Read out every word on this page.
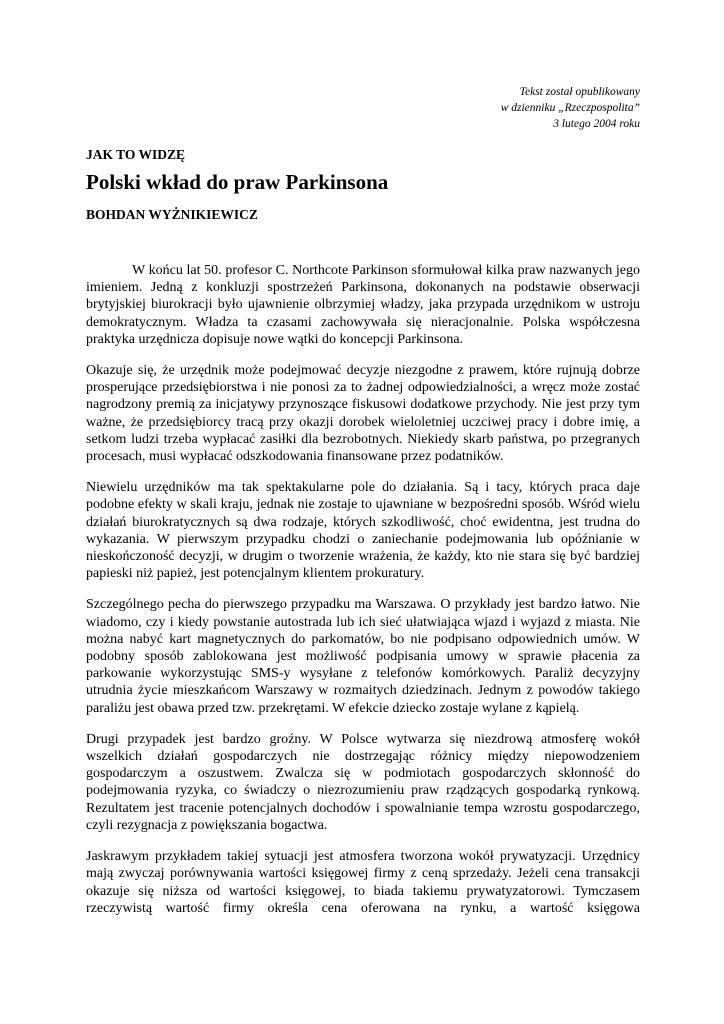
Tekst został opublikowany
w dzienniku „Rzeczpospolita”
3 lutego 2004 roku
JAK TO WIDZĘ
Polski wkład do praw Parkinsona
BOHDAN WYŻNIKIEWICZ

W końcu lat 50. profesor C. Northcote Parkinson sformułował kilka praw nazwanych jego imieniem. Jedną z konkluzji spostrzeżeń Parkinsona, dokonanych na podstawie obserwacji brytyjskiej biurokracji było ujawnienie olbrzymiej władzy, jaka przypada urzędnikom w ustroju demokratycznym. Władza ta czasami zachowywała się nieracjonalnie. Polska współczesna praktyka urzędnicza dopisuje nowe wątki do koncepcji Parkinsona.

Okazuje się, że urzędnik może podejmować decyzje niezgodne z prawem, które rujnują dobrze prosperujące przedsiębiorstwa i nie ponosi za to żadnej odpowiedzialności, a wręcz może zostać nagrodzony premią za inicjatywy przynoszące fiskusowi dodatkowe przychody. Nie jest przy tym ważne, że przedsiębiorcy tracą przy okazji dorobek wieloletniej uczciwej pracy i dobre imię, a setkom ludzi trzeba wypłacać zasiłki dla bezrobotnych. Niekiedy skarb państwa, po przegranych procesach, musi wypłacać odszkodowania finansowane przez podatników.

Niewielu urzędników ma tak spektakularne pole do działania. Są i tacy, których praca daje podobne efekty w skali kraju, jednak nie zostaje to ujawniane w bezpośredni sposób. Wśród wielu działań biurokratycznych są dwa rodzaje, których szkodliwość, choć ewidentna, jest trudna do wykazania. W pierwszym przypadku chodzi o zaniechanie podejmowania lub opóźnianie w nieskończoność decyzji, w drugim o tworzenie wrażenia, że każdy, kto nie stara się być bardziej papieski niż papież, jest potencjalnym klientem prokuratury.

Szczególnego pecha do pierwszego przypadku ma Warszawa. O przykłady jest bardzo łatwo. Nie wiadomo, czy i kiedy powstanie autostrada lub ich sieć ułatwiająca wjazd i wyjazd z miasta. Nie można nabyć kart magnetycznych do parkomatów, bo nie podpisano odpowiednich umów. W podobny sposób zablokowana jest możliwość podpisania umowy w sprawie płacenia za parkowanie wykorzystując SMS-y wysyłane z telefonów komórkowych. Paraliż decyzyjny utrudnia życie mieszkańcom Warszawy w rozmaitych dziedzinach. Jednym z powodów takiego paraliżu jest obawa przed tzw. przekrętami. W efekcie dziecko zostaje wylane z kąpielą.

Drugi przypadek jest bardzo groźny. W Polsce wytwarza się niezdrową atmosferę wokół wszelkich działań gospodarczych nie dostrzegając różnicy między niepowodzeniem gospodarczym a oszustwem. Zwalcza się w podmiotach gospodarczych skłonność do podejmowania ryzyka, co świadczy o niezrozumieniu praw rządzących gospodarką rynkową. Rezultatem jest tracenie potencjalnych dochodów i spowalnianie tempa wzrostu gospodarczego, czyli rezygnacja z powiększania bogactwa.

Jaskrawym przykładem takiej sytuacji jest atmosfera tworzona wokół prywatyzacji. Urzędnicy mają zwyczaj porównywania wartości księgowej firmy z ceną sprzedaży. Jeżeli cena transakcji okazuje się niższa od wartości księgowej, to biada takiemu prywatyzatorowi. Tymczasem rzeczywistą wartość firmy określa cena oferowana na rynku, a wartość księgowa
